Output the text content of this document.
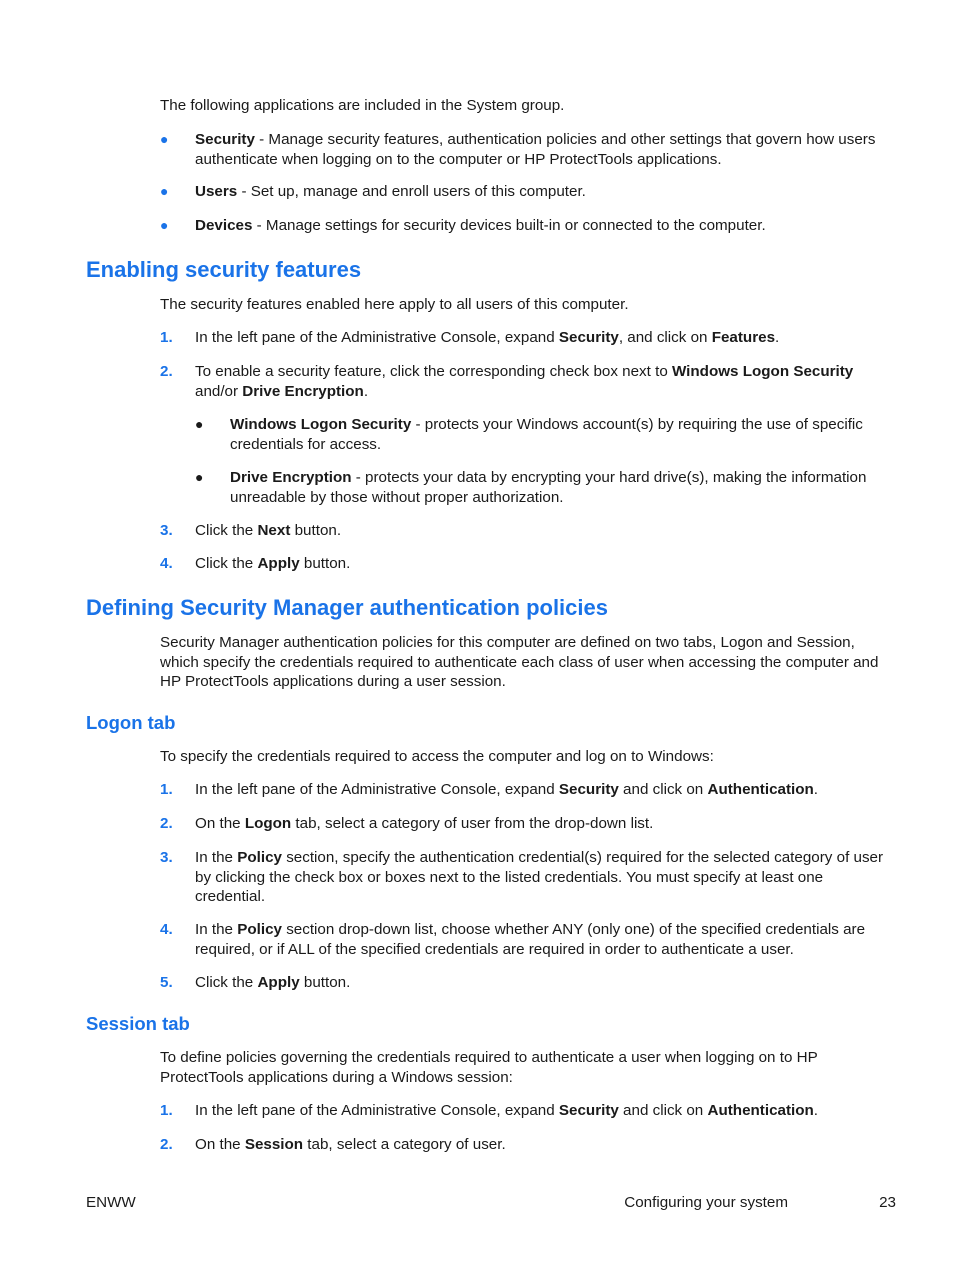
The following applications are included in the System group.

●	Security - Manage security features, authentication policies and other settings that govern how users authenticate when logging on to the computer or HP ProtectTools applications.
●	Users - Set up, manage and enroll users of this computer.
●	Devices - Manage settings for security devices built-in or connected to the computer.
Enabling security features

The security features enabled here apply to all users of this computer.

1.	In the left pane of the Administrative Console, expand Security, and click on Features.
2.	To enable a security feature, click the corresponding check box next to Windows Logon Security and/or Drive Encryption.
●	Windows Logon Security - protects your Windows account(s) by requiring the use of specific credentials for access.
●	Drive Encryption - protects your data by encrypting your hard drive(s), making the information unreadable by those without proper authorization.
3.	Click the Next button.
4.	Click the Apply button.
Defining Security Manager authentication policies

Security Manager authentication policies for this computer are defined on two tabs, Logon and Session, which specify the credentials required to authenticate each class of user when accessing the computer and HP ProtectTools applications during a user session.

Logon tab

To specify the credentials required to access the computer and log on to Windows:

1.	In the left pane of the Administrative Console, expand Security and click on Authentication.
2.	On the Logon tab, select a category of user from the drop-down list.
3.	In the Policy section, specify the authentication credential(s) required for the selected category of user by clicking the check box or boxes next to the listed credentials. You must specify at least one credential.
4.	In the Policy section drop-down list, choose whether ANY (only one) of the specified credentials are required, or if ALL of the specified credentials are required in order to authenticate a user.
5.	Click the Apply button.
Session tab

To define policies governing the credentials required to authenticate a user when logging on to HP ProtectTools applications during a Windows session:

1.	In the left pane of the Administrative Console, expand Security and click on Authentication.
2.	On the Session tab, select a category of user.
ENWW	Configuring your system	23
